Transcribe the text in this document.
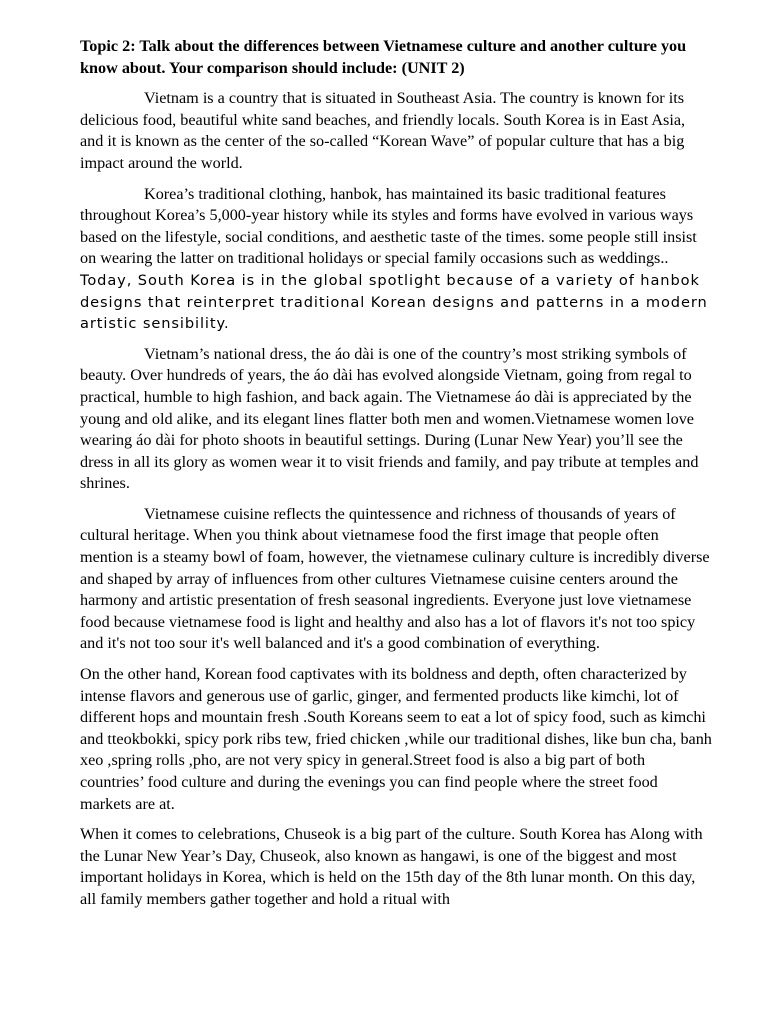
Topic 2: Talk about the differences between Vietnamese culture and another culture you know about. Your comparison should include: (UNIT 2)

Vietnam is a country that is situated in Southeast Asia. The country is known for its delicious food, beautiful white sand beaches, and friendly locals. South Korea is in East Asia, and it is known as the center of the so-called “Korean Wave” of popular culture that has a big impact around the world.

Korea’s traditional clothing, hanbok, has maintained its basic traditional features throughout Korea’s 5,000-year history while its styles and forms have evolved in various ways based on the lifestyle, social conditions, and aesthetic taste of the times. some people still insist on wearing the latter on traditional holidays or special family occasions such as weddings.. Today, South Korea is in the global spotlight because of a variety of hanbok designs that reinterpret traditional Korean designs and patterns in a modern artistic sensibility.

Vietnam’s national dress, the áo dài is one of the country’s most striking symbols of beauty. Over hundreds of years, the áo dài has evolved alongside Vietnam, going from regal to practical, humble to high fashion, and back again. The Vietnamese áo dài is appreciated by the young and old alike, and its elegant lines flatter both men and women.Vietnamese women love wearing áo dài for photo shoots in beautiful settings. During (Lunar New Year) you’ll see the dress in all its glory as women wear it to visit friends and family, and pay tribute at temples and shrines.

Vietnamese cuisine reflects the quintessence and richness of thousands of years of cultural heritage. When you think about vietnamese food the first image that people often mention is a steamy bowl of foam, however, the vietnamese culinary culture is incredibly diverse and shaped by array of influences from other cultures Vietnamese cuisine centers around the harmony and artistic presentation of fresh seasonal ingredients. Everyone just love vietnamese food because vietnamese food is light and healthy and also has a lot of flavors it's not too spicy and it's not too sour it's well balanced and it's a good combination of everything.

On the other hand, Korean food captivates with its boldness and depth, often characterized by intense flavors and generous use of garlic, ginger, and fermented products like kimchi, lot of different hops and mountain fresh .South Koreans seem to eat a lot of spicy food, such as kimchi and tteokbokki, spicy pork ribs tew, fried chicken ,while our traditional dishes, like bun cha, banh xeo ,spring rolls ,pho, are not very spicy in general.Street food is also a big part of both countries’ food culture and during the evenings you can find people where the street food markets are at.

When it comes to celebrations, Chuseok is a big part of the culture. South Korea has Along with the Lunar New Year’s Day, Chuseok, also known as hangawi, is one of the biggest and most important holidays in Korea, which is held on the 15th day of the 8th lunar month. On this day, all family members gather together and hold a ritual with
